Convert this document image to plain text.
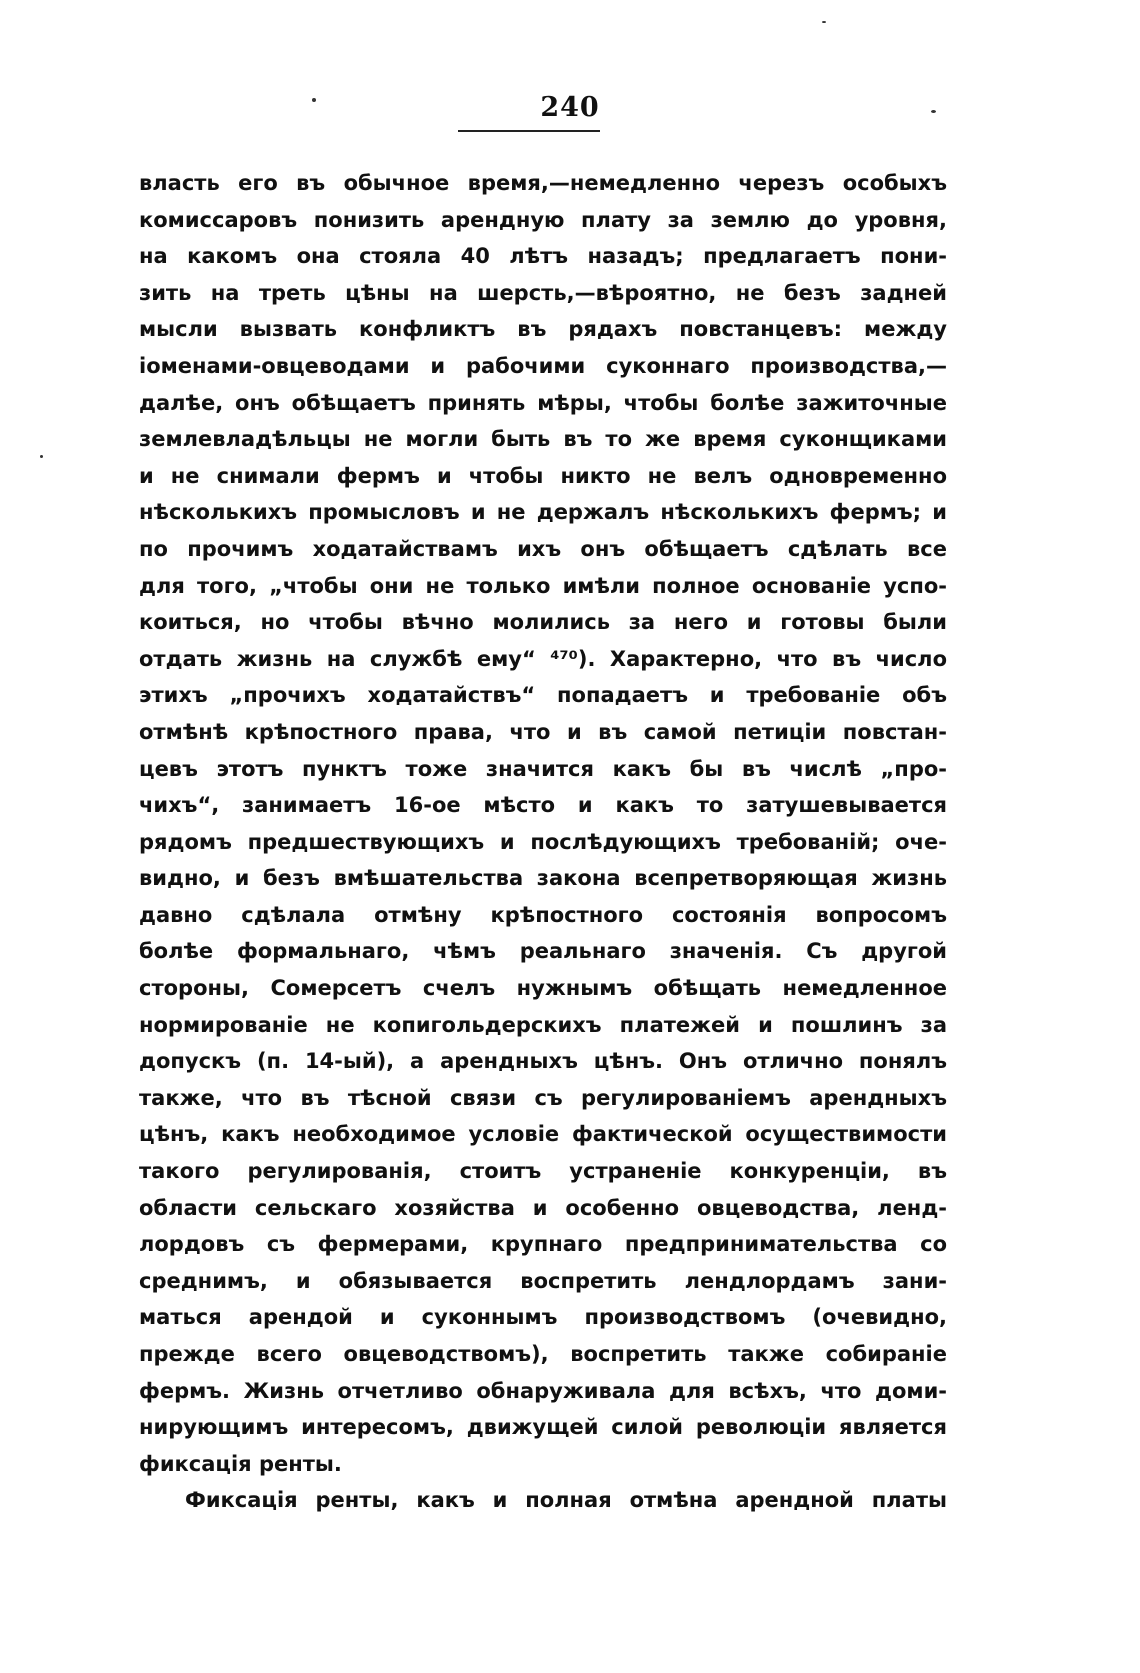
240
власть его въ обычное время,—немедленно черезъ особыхъ
комиссаровъ понизить арендную плату за землю до уровня,
на какомъ она стояла 40 лѣтъ назадъ; предлагаетъ пони-
зить на треть цѣны на шерсть,—вѣроятно, не безъ задней
мысли вызвать конфликтъ въ рядахъ повстанцевъ: между
іоменами-овцеводами и рабочими суконнаго производства,—
далѣе, онъ обѣщаетъ принять мѣры, чтобы болѣе зажиточные
землевладѣльцы не могли быть въ то же время суконщиками
и не снимали фермъ и чтобы никто не велъ одновременно
нѣсколькихъ промысловъ и не держалъ нѣсколькихъ фермъ; и
по прочимъ ходатайствамъ ихъ онъ обѣщаетъ сдѣлать все
для того, „чтобы они не только имѣли полное основаніе успо-
коиться, но чтобы вѣчно молились за него и готовы были
отдать жизнь на службѣ ему“ ⁴⁷⁰). Характерно, что въ число
этихъ „прочихъ ходатайствъ“ попадаетъ и требованіе объ
отмѣнѣ крѣпостного права, что и въ самой петиціи повстан-
цевъ этотъ пунктъ тоже значится какъ бы въ числѣ „про-
чихъ“, занимаетъ 16-ое мѣсто и какъ то затушевывается
рядомъ предшествующихъ и послѣдующихъ требованій; оче-
видно, и безъ вмѣшательства закона всепретворяющая жизнь
давно сдѣлала отмѣну крѣпостного состоянія вопросомъ
болѣе формальнаго, чѣмъ реальнаго значенія. Съ другой
стороны, Сомерсетъ счелъ нужнымъ обѣщать немедленное
нормированіе не копигольдерскихъ платежей и пошлинъ за
допускъ (п. 14-ый), а арендныхъ цѣнъ. Онъ отлично понялъ
также, что въ тѣсной связи съ регулированіемъ арендныхъ
цѣнъ, какъ необходимое условіе фактической осуществимости
такого регулированія, стоитъ устраненіе конкуренціи, въ
области сельскаго хозяйства и особенно овцеводства, ленд-
лордовъ съ фермерами, крупнаго предпринимательства со
среднимъ, и обязывается воспретить лендлордамъ зани-
маться арендой и суконнымъ производствомъ (очевидно,
прежде всего овцеводствомъ), воспретить также собираніе
фермъ. Жизнь отчетливо обнаруживала для всѣхъ, что доми-
нирующимъ интересомъ, движущей силой революціи является
фиксація ренты.
Фиксація ренты, какъ и полная отмѣна арендной платы
